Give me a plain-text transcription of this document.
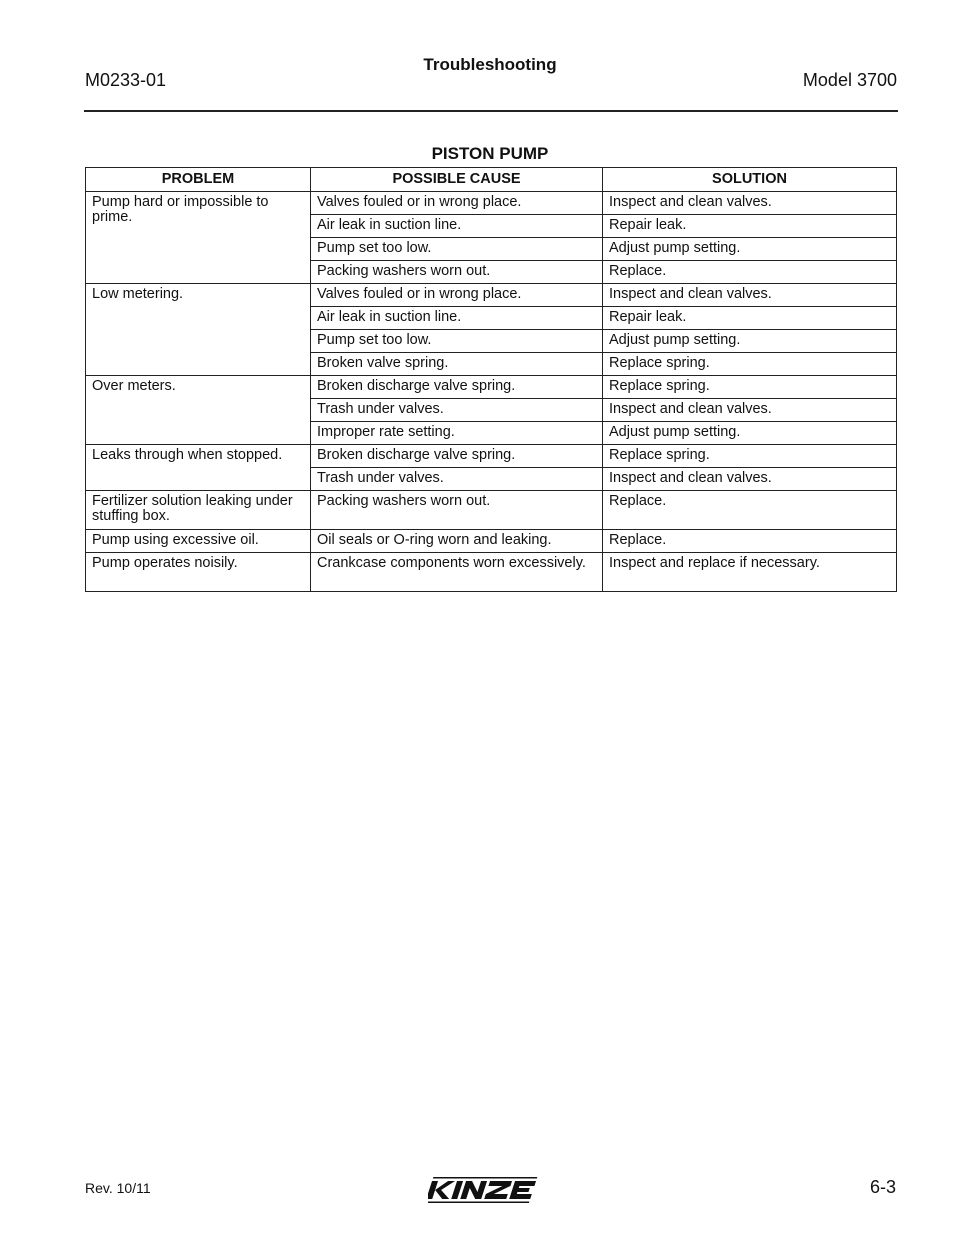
M0233-01
Troubleshooting
Model 3700
PISTON PUMP
PROBLEM	POSSIBLE CAUSE	SOLUTION
Pump hard or impossible to prime.	Valves fouled or in wrong place.	Inspect and clean valves.
	Air leak in suction line.	Repair leak.
	Pump set too low.	Adjust pump setting.
	Packing washers worn out.	Replace.
Low metering.	Valves fouled or in wrong place.	Inspect and clean valves.
	Air leak in suction line.	Repair leak.
	Pump set too low.	Adjust pump setting.
	Broken valve spring.	Replace spring.
Over meters.	Broken discharge valve spring.	Replace spring.
	Trash under valves.	Inspect and clean valves.
	Improper rate setting.	Adjust pump setting.
Leaks through when stopped.	Broken discharge valve spring.	Replace spring.
	Trash under valves.	Inspect and clean valves.
Fertilizer solution leaking under stuffing box.	Packing washers worn out.	Replace.
Pump using excessive oil.	Oil seals or O-ring worn and leaking.	Replace.
Pump operates noisily.	Crankcase components worn excessively.	Inspect and replace if necessary.
Rev. 10/11	6-3
